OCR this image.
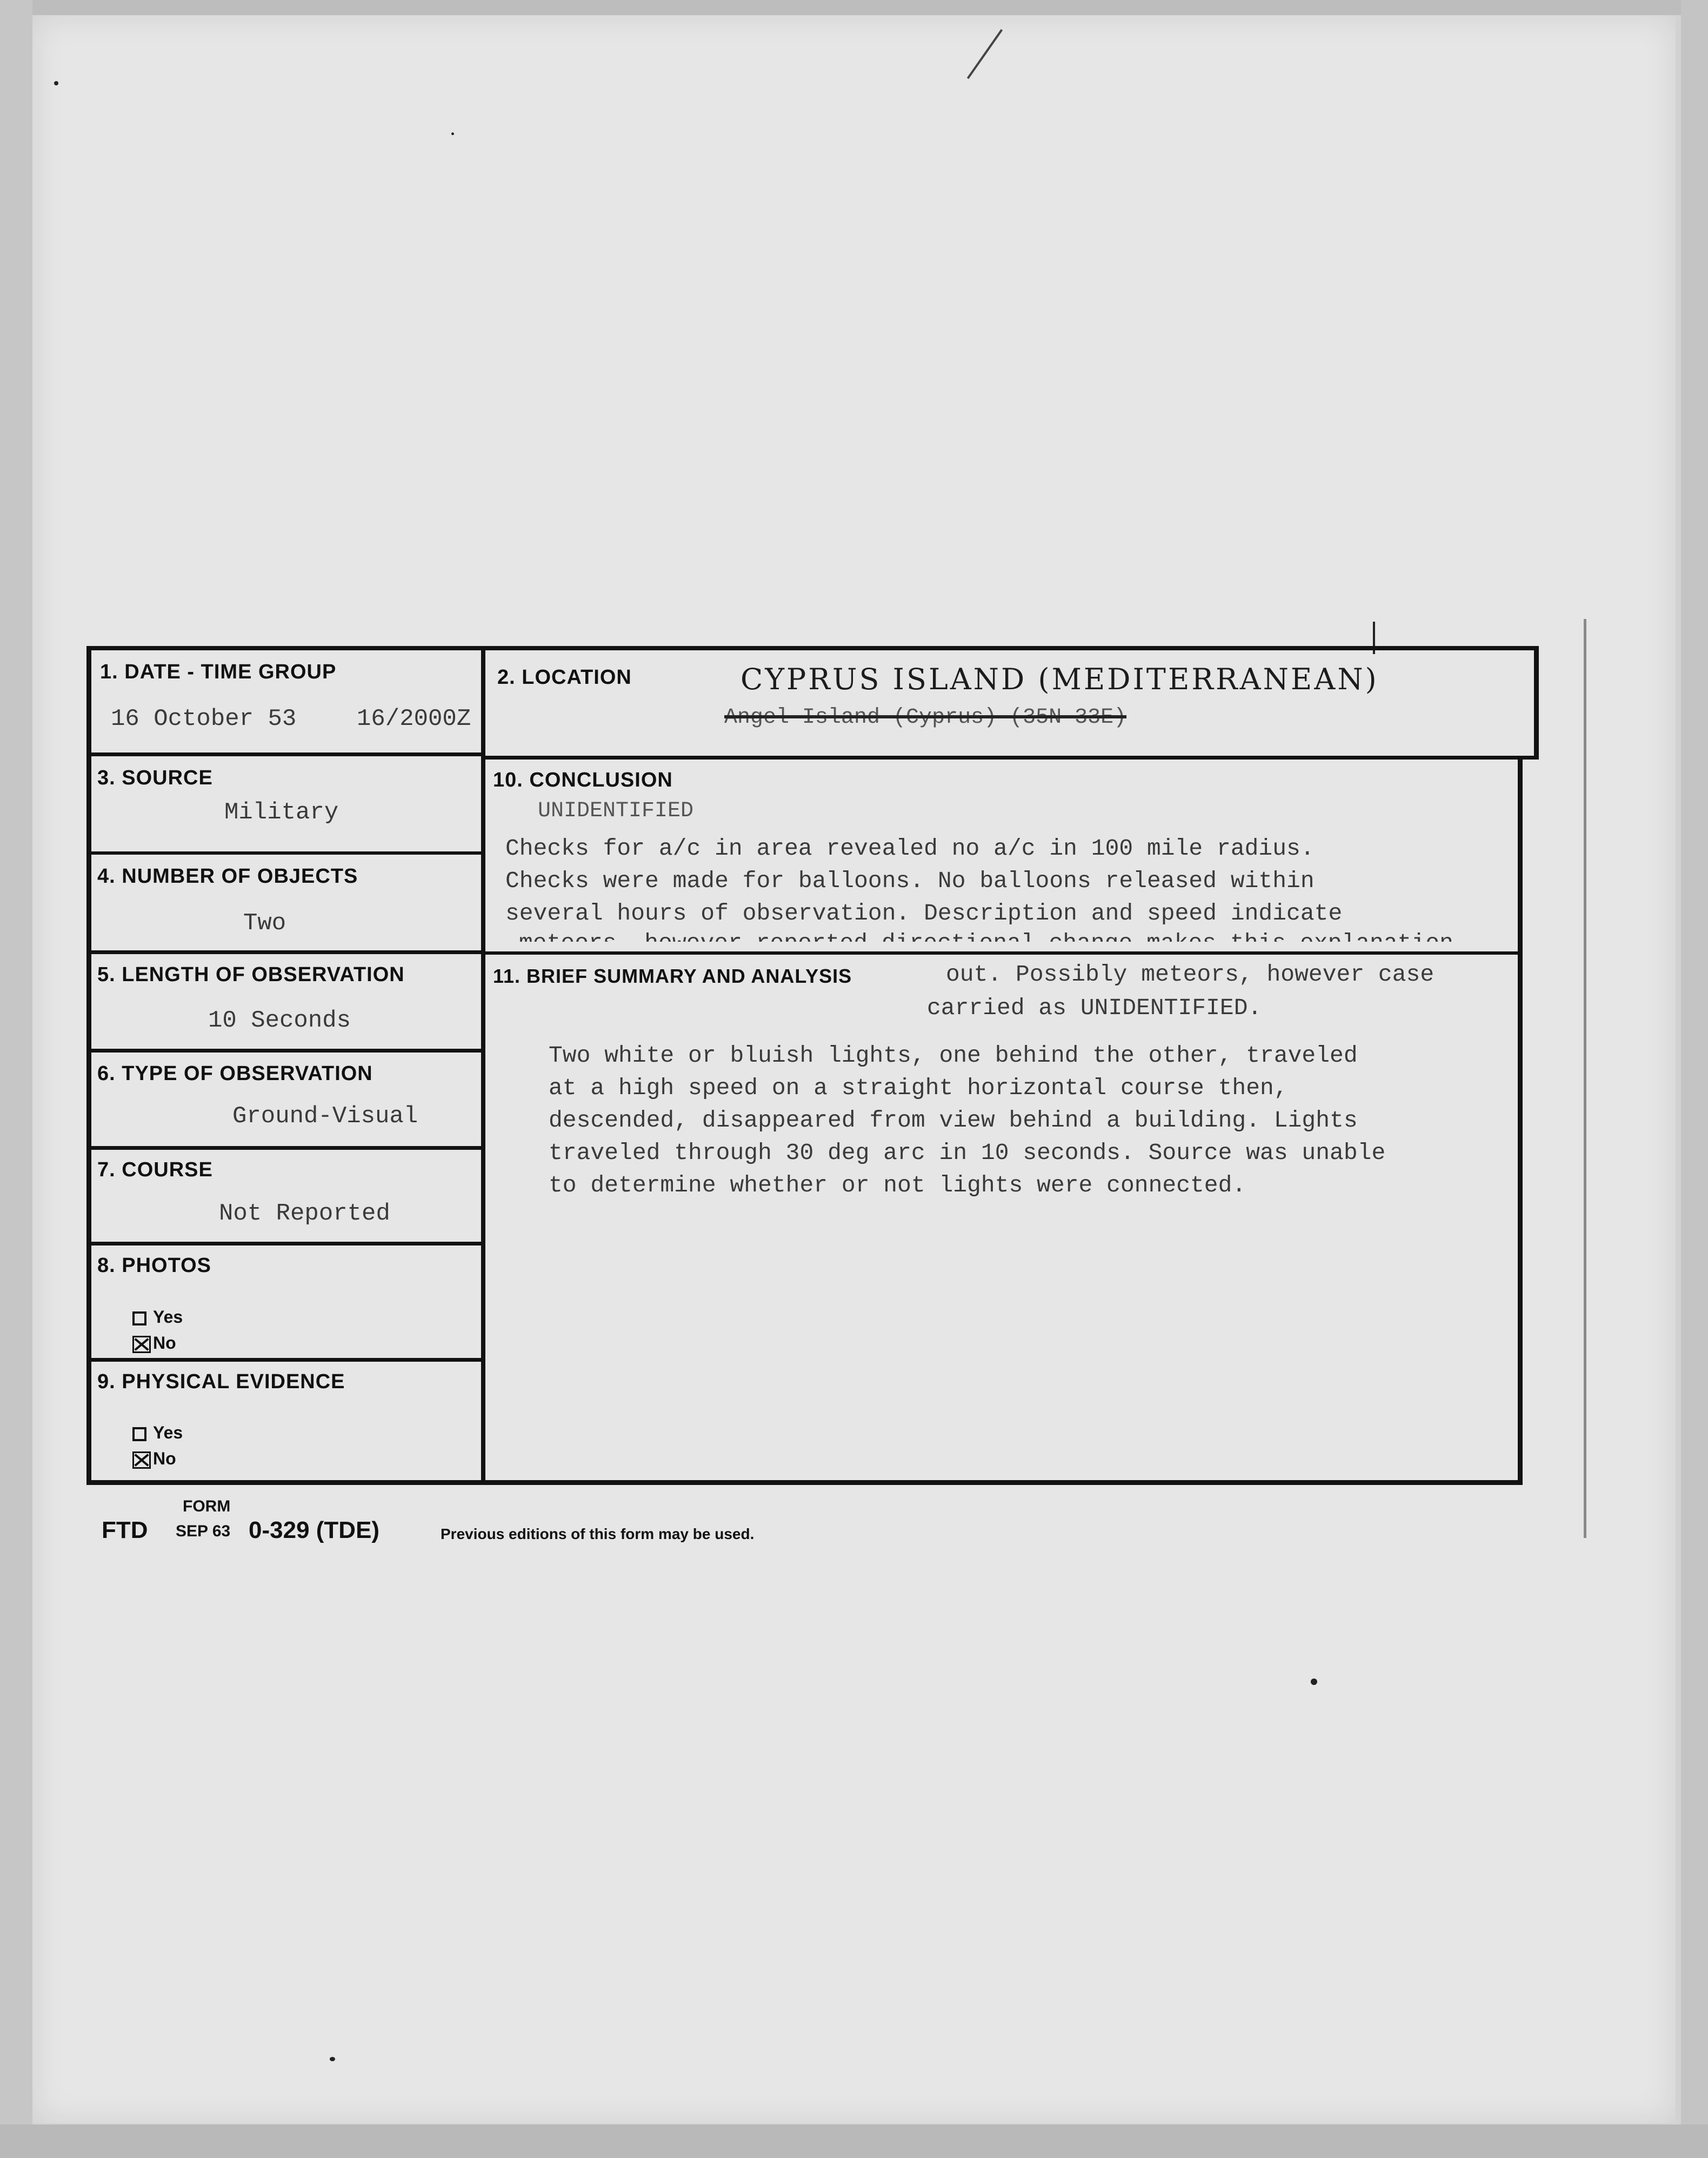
1. DATE - TIME GROUP
16 October 53	16/2000Z
2. LOCATION	CYPRUS ISLAND (MEDITERRANEAN)
Angel Island (Cyprus) (35N 33E)
3. SOURCE
Military
4. NUMBER OF OBJECTS
Two
5. LENGTH OF OBSERVATION
10 Seconds
6. TYPE OF OBSERVATION
Ground-Visual
7. COURSE
Not Reported
8. PHOTOS
Yes
No
9. PHYSICAL EVIDENCE
Yes
No
10. CONCLUSION
UNIDENTIFIED
Checks for a/c in area revealed no a/c in 100 mile radius.
Checks were made for balloons. No balloons released within
several hours of observation. Description and speed indicate
out. Possibly meteors, however case
carried as UNIDENTIFIED.
11. BRIEF SUMMARY AND ANALYSIS
Two white or bluish lights, one behind the other, traveled
at a high speed on a straight horizontal course then,
descended, disappeared from view behind a building. Lights
traveled through 30 deg arc in 10 seconds. Source was unable
to determine whether or not lights were connected.
FORM
FTD SEP 63 0-329 (TDE)	Previous editions of this form may be used.
